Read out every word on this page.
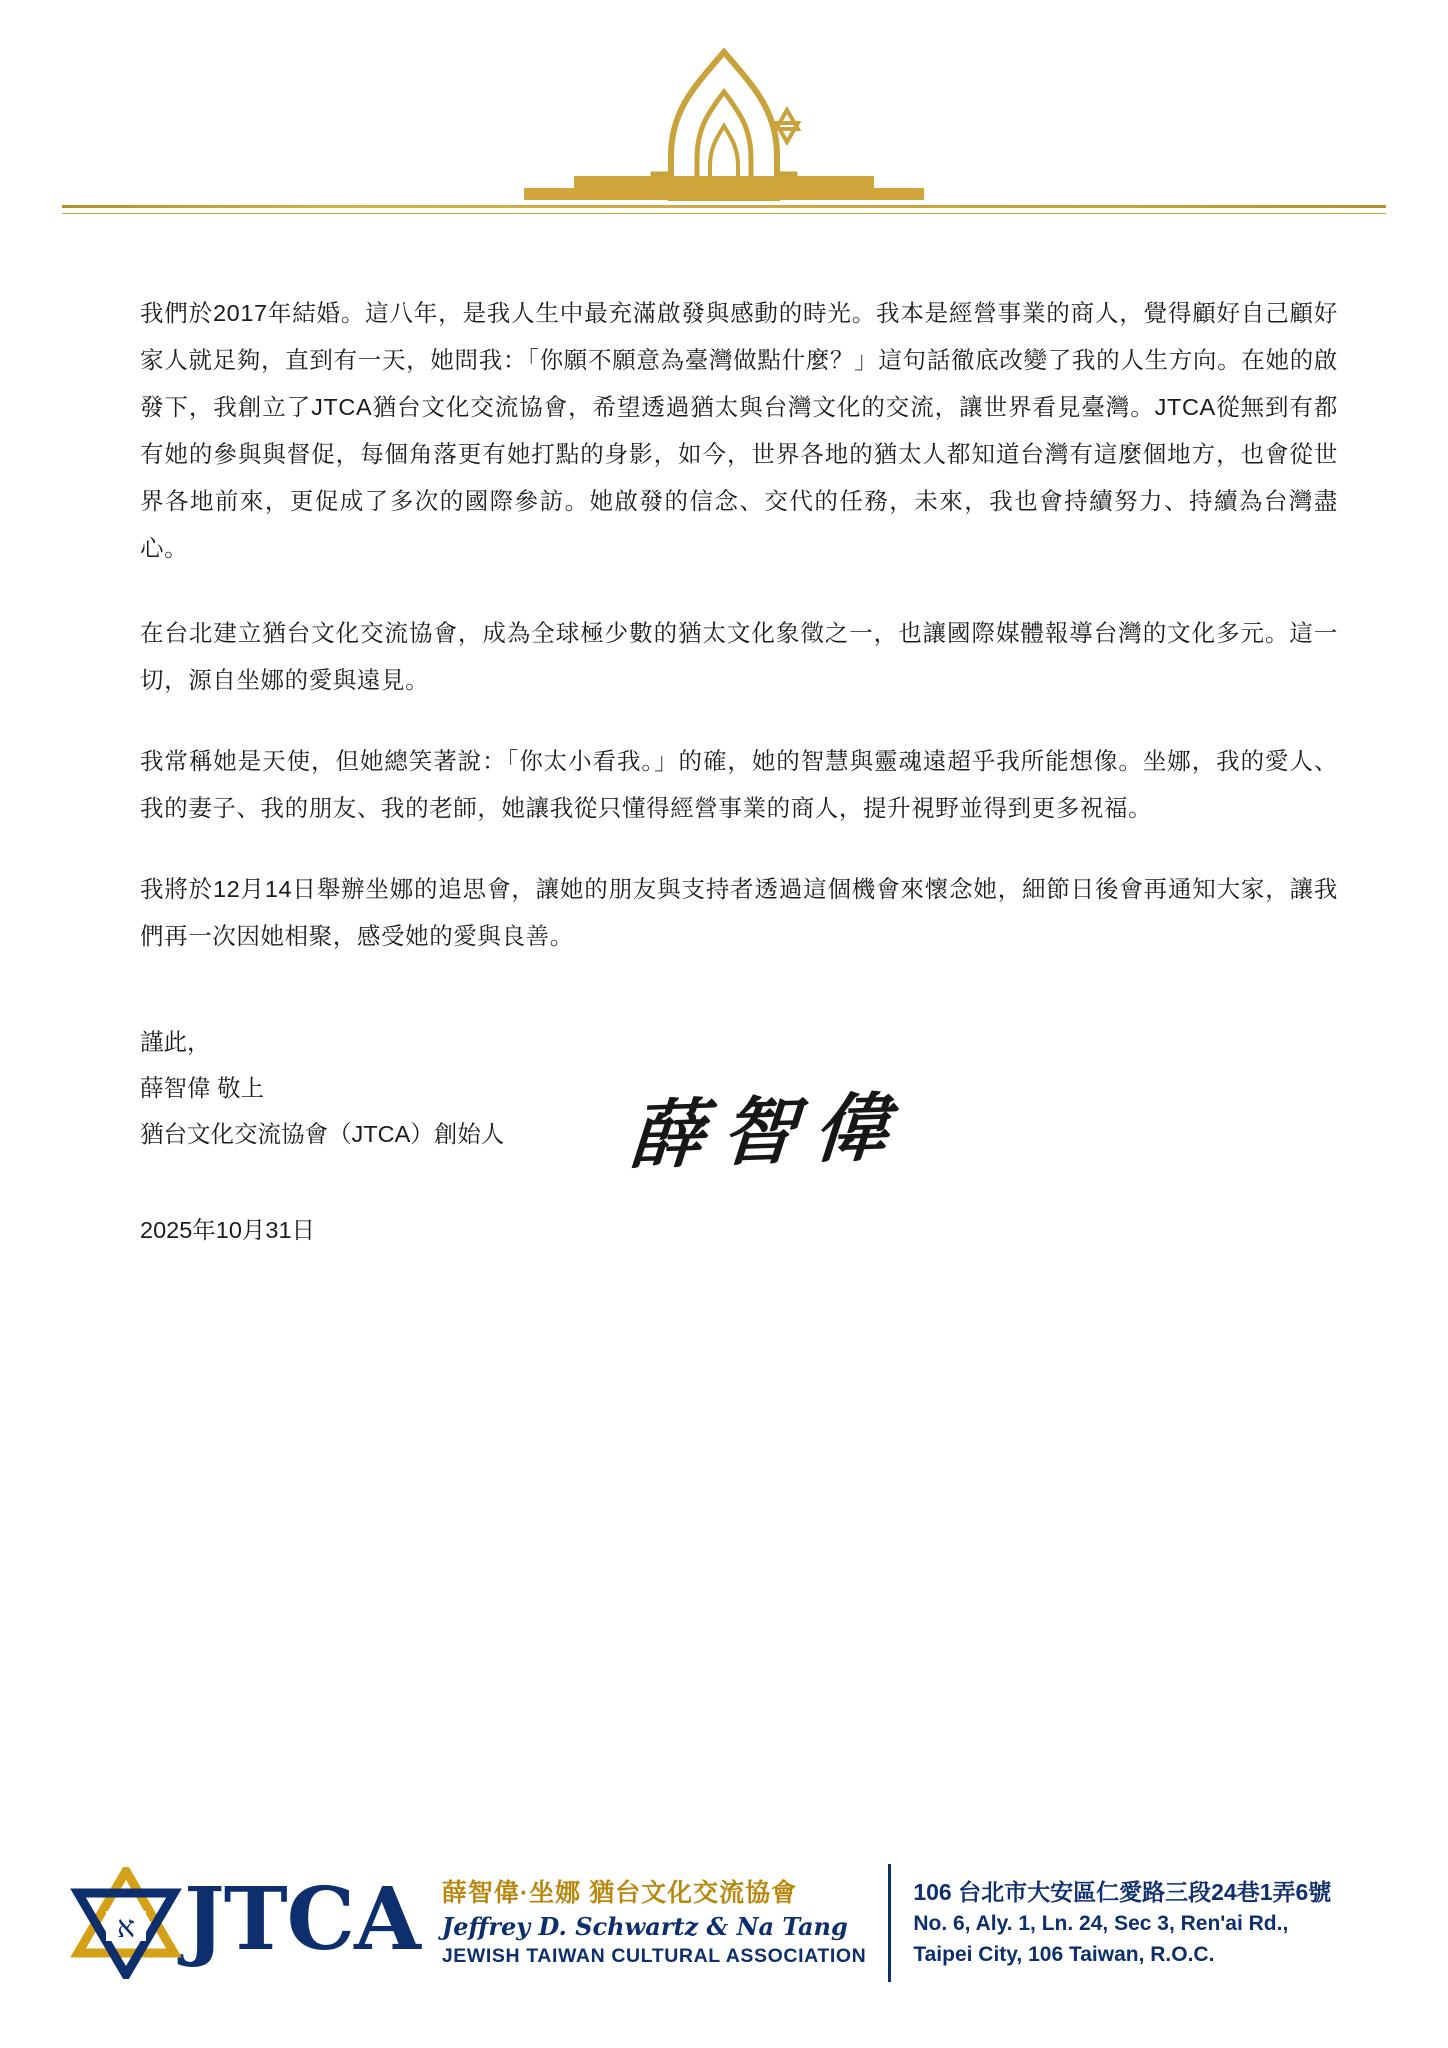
我們於2017年結婚。這八年，是我人生中最充滿啟發與感動的時光。我本是經營事業的商人，覺得顧好自己顧好家人就足夠，直到有一天，她問我：「你願不願意為臺灣做點什麼？」這句話徹底改變了我的人生方向。在她的啟發下，我創立了JTCA猶台文化交流協會，希望透過猶太與台灣文化的交流，讓世界看見臺灣。JTCA從無到有都有她的參與與督促，每個角落更有她打點的身影，如今，世界各地的猶太人都知道台灣有這麼個地方，也會從世界各地前來，更促成了多次的國際參訪。她啟發的信念、交代的任務，未來，我也會持續努力、持續為台灣盡心。

在台北建立猶台文化交流協會，成為全球極少數的猶太文化象徵之一，也讓國際媒體報導台灣的文化多元。這一切，源自坐娜的愛與遠見。

我常稱她是天使，但她總笑著說：「你太小看我。」的確，她的智慧與靈魂遠超乎我所能想像。坐娜，我的愛人、我的妻子、我的朋友、我的老師，她讓我從只懂得經營事業的商人，提升視野並得到更多祝福。

我將於12月14日舉辦坐娜的追思會，讓她的朋友與支持者透過這個機會來懷念她，細節日後會再通知大家，讓我們再一次因她相聚，感受她的愛與良善。

謹此，
薛智偉 敬上
猶台文化交流協會（JTCA）創始人	薛智偉
2025年10月31日
א JTCA 薛智偉·坐娜 猶台文化交流協會
Jeffrey D. Schwartz & Na Tang
JEWISH TAIWAN CULTURAL ASSOCIATION
106 台北市大安區仁愛路三段24巷1弄6號
No. 6, Aly. 1, Ln. 24, Sec 3, Ren'ai Rd.,
Taipei City, 106 Taiwan, R.O.C.
